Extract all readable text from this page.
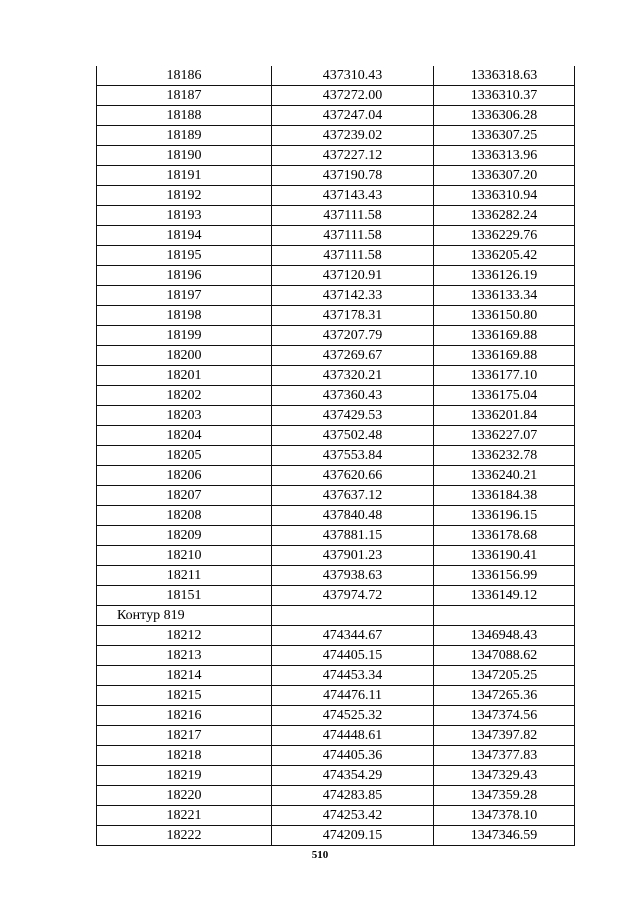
18186	437310.43	1336318.63
18187	437272.00	1336310.37
18188	437247.04	1336306.28
18189	437239.02	1336307.25
18190	437227.12	1336313.96
18191	437190.78	1336307.20
18192	437143.43	1336310.94
18193	437111.58	1336282.24
18194	437111.58	1336229.76
18195	437111.58	1336205.42
18196	437120.91	1336126.19
18197	437142.33	1336133.34
18198	437178.31	1336150.80
18199	437207.79	1336169.88
18200	437269.67	1336169.88
18201	437320.21	1336177.10
18202	437360.43	1336175.04
18203	437429.53	1336201.84
18204	437502.48	1336227.07
18205	437553.84	1336232.78
18206	437620.66	1336240.21
18207	437637.12	1336184.38
18208	437840.48	1336196.15
18209	437881.15	1336178.68
18210	437901.23	1336190.41
18211	437938.63	1336156.99
18151	437974.72	1336149.12
Контур 819		
18212	474344.67	1346948.43
18213	474405.15	1347088.62
18214	474453.34	1347205.25
18215	474476.11	1347265.36
18216	474525.32	1347374.56
18217	474448.61	1347397.82
18218	474405.36	1347377.83
18219	474354.29	1347329.43
18220	474283.85	1347359.28
18221	474253.42	1347378.10
18222	474209.15	1347346.59
510
